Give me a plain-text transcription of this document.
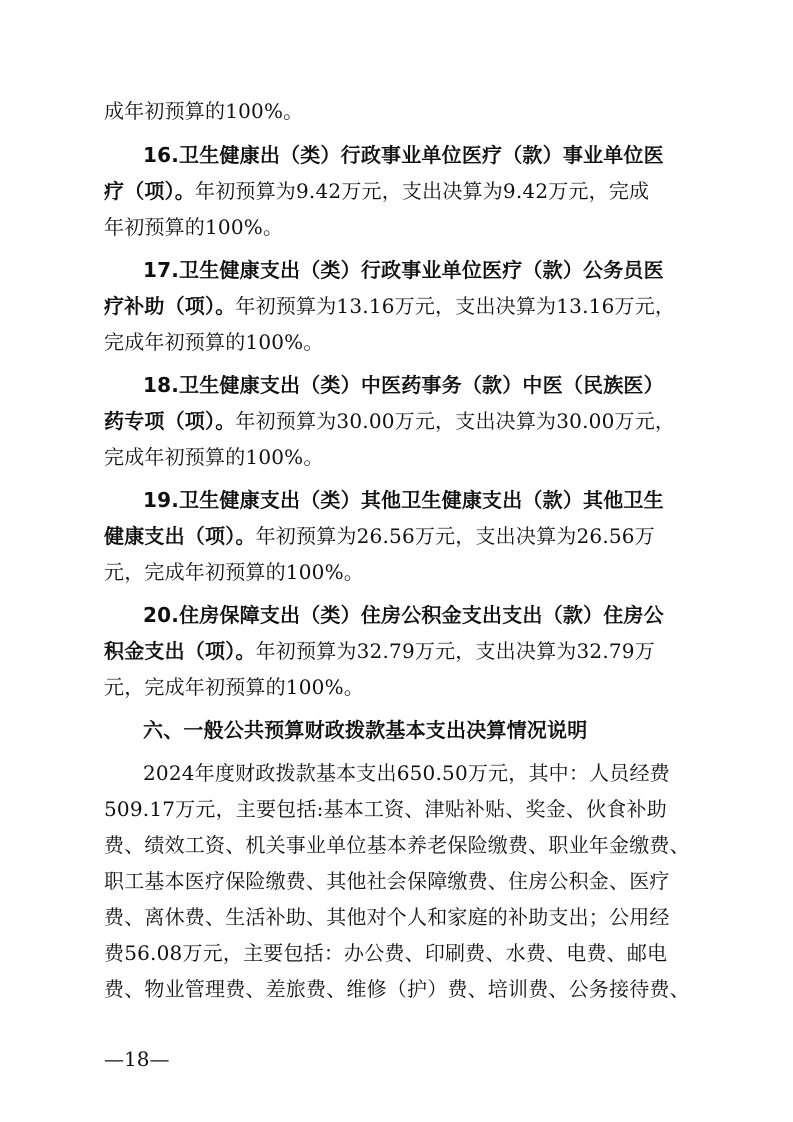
成年初预算的100%。
16.卫生健康出（类）行政事业单位医疗（款）事业单位医
疗（项）。年初预算为9.42万元，支出决算为9.42万元，完成
年初预算的100%。
17.卫生健康支出（类）行政事业单位医疗（款）公务员医
疗补助（项）。年初预算为13.16万元，支出决算为13.16万元，
完成年初预算的100%。
18.卫生健康支出（类）中医药事务（款）中医（民族医）
药专项（项）。年初预算为30.00万元，支出决算为30.00万元，
完成年初预算的100%。
19.卫生健康支出（类）其他卫生健康支出（款）其他卫生
健康支出（项）。年初预算为26.56万元，支出决算为26.56万
元，完成年初预算的100%。
20.住房保障支出（类）住房公积金支出支出（款）住房公
积金支出（项）。年初预算为32.79万元，支出决算为32.79万
元，完成年初预算的100%。
六、一般公共预算财政拨款基本支出决算情况说明
2024年度财政拨款基本支出650.50万元，其中：人员经费
509.17万元，主要包括:基本工资、津贴补贴、奖金、伙食补助
费、绩效工资、机关事业单位基本养老保险缴费、职业年金缴费、
职工基本医疗保险缴费、其他社会保障缴费、住房公积金、医疗
费、离休费、生活补助、其他对个人和家庭的补助支出；公用经
费56.08万元，主要包括：办公费、印刷费、水费、电费、邮电
费、物业管理费、差旅费、维修（护）费、培训费、公务接待费、
—18—
